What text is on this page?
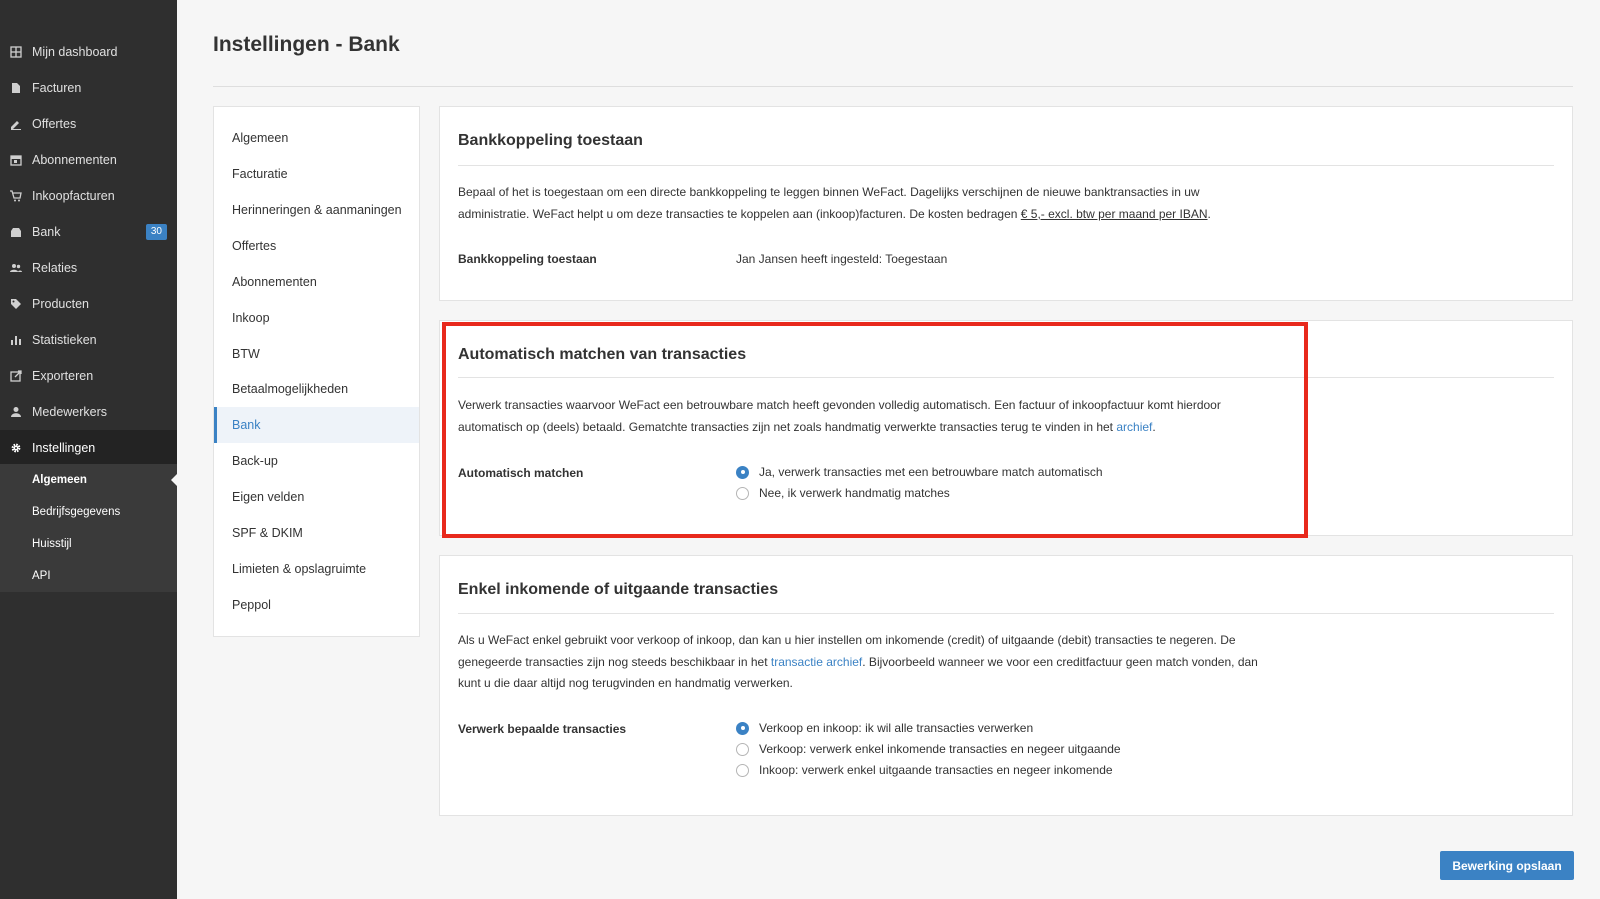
Mijn dashboard
Facturen
Offertes
Abonnementen
Inkoopfacturen
Bank	30
Relaties
Producten
Statistieken
Exporteren
Medewerkers
Instellingen
Algemeen
Bedrijfsgegevens
Huisstijl
API
Instellingen - Bank
Algemeen
Facturatie
Herinneringen & aanmaningen
Offertes
Abonnementen
Inkoop
BTW
Betaalmogelijkheden
Bank
Back-up
Eigen velden
SPF & DKIM
Limieten & opslagruimte
Peppol
Bankkoppeling toestaan
Bepaal of het is toegestaan om een directe bankkoppeling te leggen binnen WeFact. Dagelijks verschijnen de nieuwe banktransacties in uw
administratie. WeFact helpt u om deze transacties te koppelen aan (inkoop)facturen. De kosten bedragen € 5,- excl. btw per maand per IBAN.
Bankkoppeling toestaan	Jan Jansen heeft ingesteld: Toegestaan
Automatisch matchen van transacties
Verwerk transacties waarvoor WeFact een betrouwbare match heeft gevonden volledig automatisch. Een factuur of inkoopfactuur komt hierdoor
automatisch op (deels) betaald. Gematchte transacties zijn net zoals handmatig verwerkte transacties terug te vinden in het archief.
Automatisch matchen	Ja, verwerk transacties met een betrouwbare match automatisch
Nee, ik verwerk handmatig matches
Enkel inkomende of uitgaande transacties
Als u WeFact enkel gebruikt voor verkoop of inkoop, dan kan u hier instellen om inkomende (credit) of uitgaande (debit) transacties te negeren. De
genegeerde transacties zijn nog steeds beschikbaar in het transactie archief. Bijvoorbeeld wanneer we voor een creditfactuur geen match vonden, dan
kunt u die daar altijd nog terugvinden en handmatig verwerken.
Verwerk bepaalde transacties	Verkoop en inkoop: ik wil alle transacties verwerken
Verkoop: verwerk enkel inkomende transacties en negeer uitgaande
Inkoop: verwerk enkel uitgaande transacties en negeer inkomende
Bewerking opslaan
